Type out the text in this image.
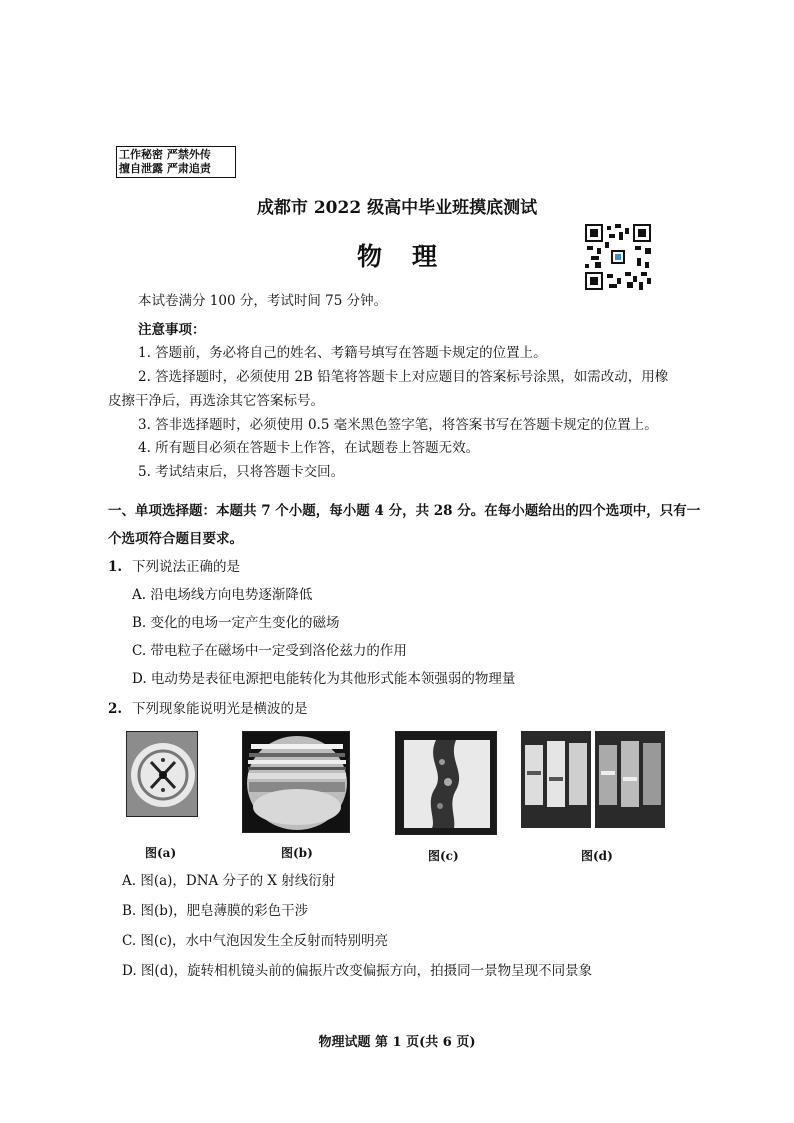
工作秘密 严禁外传
擅自泄露 严肃追责
成都市 2022 级高中毕业班摸底测试
物理
本试卷满分 100 分，考试时间 75 分钟。
注意事项：
1. 答题前，务必将自己的姓名、考籍号填写在答题卡规定的位置上。
2. 答选择题时，必须使用 2B 铅笔将答题卡上对应题目的答案标号涂黑，如需改动，用橡
皮擦干净后，再选涂其它答案标号。
3. 答非选择题时，必须使用 0.5 毫米黑色签字笔，将答案书写在答题卡规定的位置上。
4. 所有题目必须在答题卡上作答，在试题卷上答题无效。
5. 考试结束后，只将答题卡交回。
一、单项选择题：本题共 7 个小题，每小题 4 分，共 28 分。在每小题给出的四个选项中，只有一
个选项符合题目要求。
1. 下列说法正确的是
A. 沿电场线方向电势逐渐降低
B. 变化的电场一定产生变化的磁场
C. 带电粒子在磁场中一定受到洛伦兹力的作用
D. 电动势是表征电源把电能转化为其他形式能本领强弱的物理量
2. 下列现象能说明光是横波的是
图(a)	图(b)	图(c)	图(d)
A. 图(a)，DNA 分子的 X 射线衍射
B. 图(b)，肥皂薄膜的彩色干涉
C. 图(c)，水中气泡因发生全反射而特别明亮
D. 图(d)，旋转相机镜头前的偏振片改变偏振方向，拍摄同一景物呈现不同景象
物理试题 第 1 页(共 6 页)
